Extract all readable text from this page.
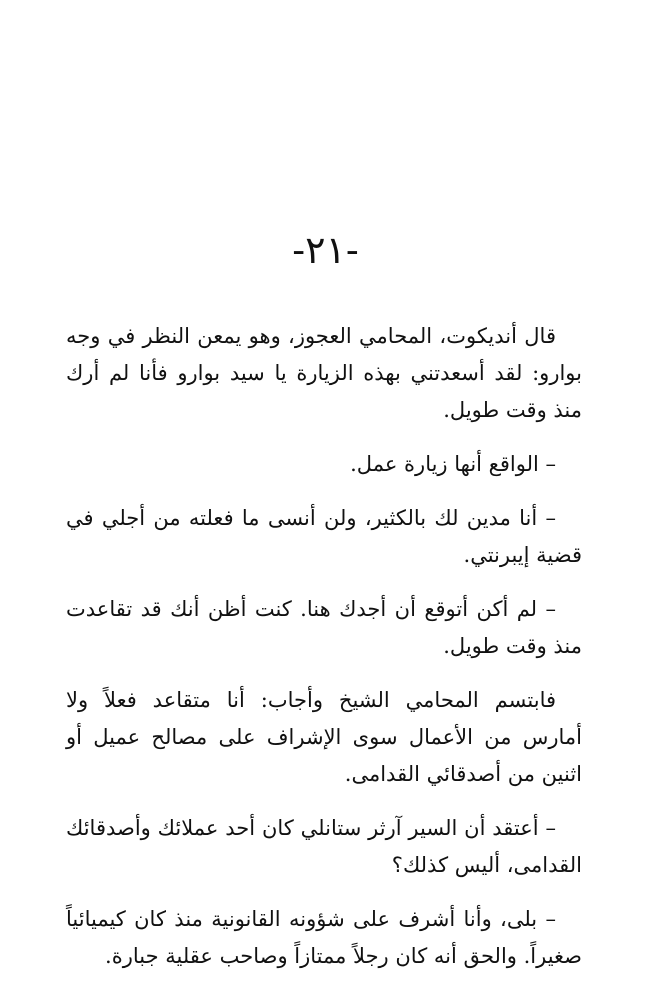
-٢١-

قال أنديكوت، المحامي العجوز، وهو يمعن النظر في وجه بوارو: لقد أسعدتني بهذه الزيارة يا سيد بوارو فأنا لم أرك منذ وقت طويل.

– الواقع أنها زيارة عمل.

– أنا مدين لك بالكثير، ولن أنسى ما فعلته من أجلي في قضية إيبرنتي.

– لم أكن أتوقع أن أجدك هنا. كنت أظن أنك قد تقاعدت منذ وقت طويل.

فابتسم المحامي الشيخ وأجاب: أنا متقاعد فعلاً ولا أمارس من الأعمال سوى الإشراف على مصالح عميل أو اثنين من أصدقائي القدامى.

– أعتقد أن السير آرثر ستانلي كان أحد عملائك وأصدقائك القدامى، أليس كذلك؟

– بلى، وأنا أشرف على شؤونه القانونية منذ كان كيميائياً صغيراً. والحق أنه كان رجلاً ممتازاً وصاحب عقلية جبارة.
